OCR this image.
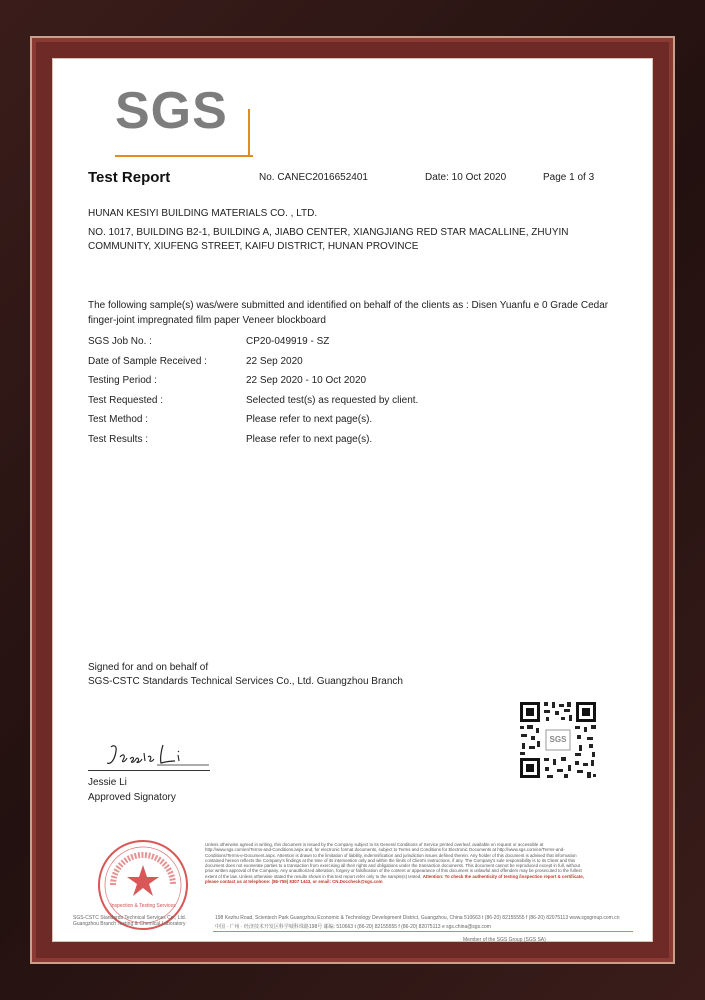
SGS
Test Report	No. CANEC2016652401	Date: 10 Oct 2020	Page 1 of 3
HUNAN KESIYI BUILDING MATERIALS CO. , LTD.
NO. 1017, BUILDING B2-1, BUILDING A, JIABO CENTER, XIANGJIANG RED STAR MACALLINE, ZHUYIN COMMUNITY, XIUFENG STREET, KAIFU DISTRICT, HUNAN PROVINCE
The following sample(s) was/were submitted and identified on behalf of the clients as : Disen Yuanfu e 0 Grade Cedar finger-joint impregnated film paper Veneer blockboard
SGS Job No. :	CP20-049919 - SZ
Date of Sample Received :	22 Sep 2020
Testing Period :	22 Sep 2020 - 10 Oct 2020
Test Requested :	Selected test(s) as requested by client.
Test Method :	Please refer to next page(s).
Test Results :	Please refer to next page(s).
Signed for and on behalf of
SGS-CSTC Standards Technical Services Co., Ltd. Guangzhou Branch
SGS
Jessie Li
Approved Signatory
Inspection & Testing Services
Unless otherwise agreed in writing, this document is issued by the Company subject to its General Conditions of Service printed overleaf, available on request or accessible at http://www.sgs.com/en/Terms-and-Conditions.aspx and, for electronic format documents, subject to Terms and Conditions for Electronic Documents at http://www.sgs.com/en/Terms-and-Conditions/Terms-e-Document.aspx. Attention is drawn to the limitation of liability, indemnification and jurisdiction issues defined therein. Any holder of this document is advised that information contained hereon reflects the Company's findings at the time of its intervention only and within the limits of Client's instructions, if any. The Company's sole responsibility is to its Client and this document does not exonerate parties to a transaction from exercising all their rights and obligations under the transaction documents. This document cannot be reproduced except in full, without prior written approval of the Company. Any unauthorized alteration, forgery or falsification of the content or appearance of this document is unlawful and offenders may be prosecuted to the fullest extent of the law. Unless otherwise stated the results shown in this test report refer only to the sample(s) tested. Attention: To check the authenticity of testing /inspection report & certificate, please contact us at telephone: (86-755) 8307 1443, or email: CN.Doccheck@sgs.com
SGS-CSTC Standards Technical Services Co., Ltd. Guangzhou Branch Testing & Chemical Laboratory
198 Kezhu Road, Scientech Park Guangzhou Economic & Technology Development District, Guangzhou, China 510663 t (86-20) 82155555 f (86-20) 82075113 www.sgsgroup.com.cn
中国 · 广州 · 经济技术开发区科学城科珠路198号 邮编: 510663 t (86-20) 82155555 f (86-20) 82075113 e sgs.china@sgs.com
Member of the SGS Group (SGS SA)
